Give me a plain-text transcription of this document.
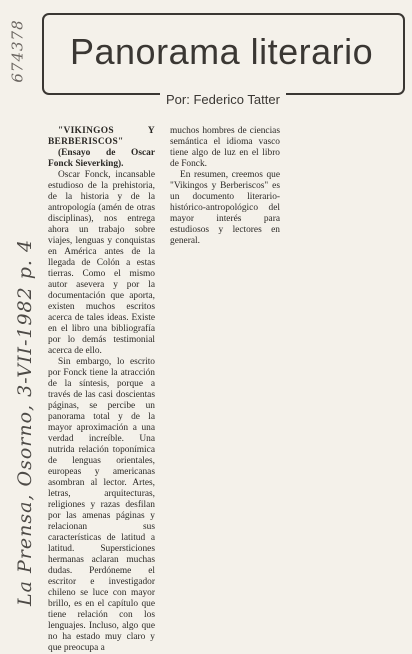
674378
La Prensa, Osorno, 3-VII-1982 p. 4
Panorama literario
Por: Federico Tatter

"VIKINGOS Y BERBERISCOS"

(Ensayo de Oscar Fonck Sieverking).

Oscar Fonck, incansable estudioso de la prehistoria, de la historia y de la antropología (amén de otras disciplinas), nos entrega ahora un trabajo sobre viajes, lenguas y conquistas en América antes de la llegada de Colón a estas tierras. Como el mismo autor asevera y por la documentación que aporta, existen muchos escritos acerca de tales ideas. Existe en el libro una bibliografía por lo demás testimonial acerca de ello.

Sin embargo, lo escrito por Fonck tiene la atracción de la síntesis, porque a través de las casi doscientas páginas, se percibe un panorama total y de la mayor aproximación a una verdad increíble. Una nutrida relación toponímica de lenguas orientales, europeas y americanas asombran al lector. Artes, letras, arquitecturas, religiones y razas desfilan por las amenas páginas y relacionan sus características de latitud a latitud. Supersticiones hermanas aclaran muchas dudas. Perdóneme el escritor e investigador chileno se luce con mayor brillo, es en el capítulo que tiene relación con los lenguajes. Incluso, algo que no ha estado muy claro y que preocupa a

muchos hombres de ciencias semántica el idioma vasco tiene algo de luz en el libro de Fonck.

En resumen, creemos que "Vikingos y Berberiscos" es un documento literario-histórico-antropológico del mayor interés para estudiosos y lectores en general.
